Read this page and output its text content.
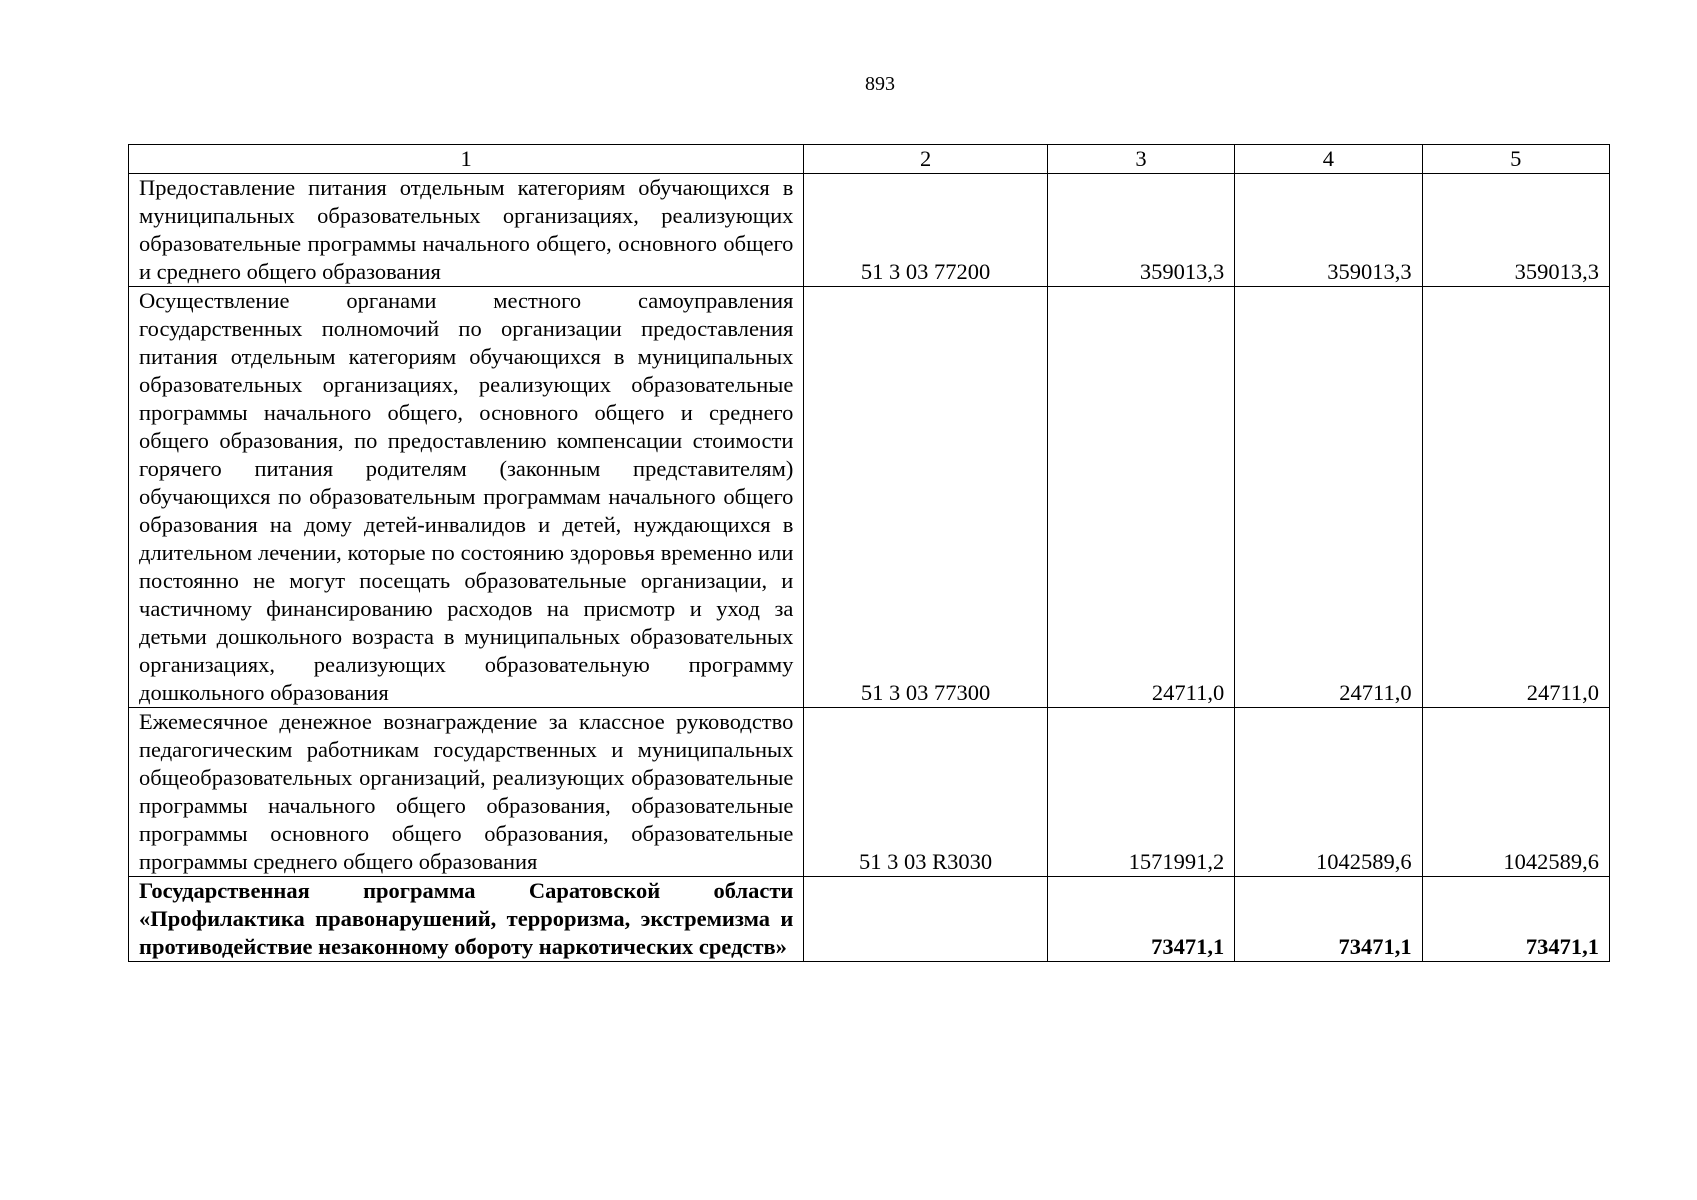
893
1	2	3	4	5
Предоставление питания отдельным категориям обучающихся в муниципальных образовательных организациях, реализующих образовательные программы начального общего, основного общего и среднего общего образования	51 3 03 77200	359013,3	359013,3	359013,3
Осуществление органами местного самоуправления государственных полномочий по организации предоставления питания отдельным категориям обучающихся в муниципальных образовательных организациях, реализующих образовательные программы начального общего, основного общего и среднего общего образования, по предоставлению компенсации стоимости горячего питания родителям (законным представителям) обучающихся по образовательным программам начального общего образования на дому детей-инвалидов и детей, нуждающихся в длительном лечении, которые по состоянию здоровья временно или постоянно не могут посещать образовательные организации, и частичному финансированию расходов на присмотр и уход за детьми дошкольного возраста в муниципальных образовательных организациях, реализующих образовательную программу дошкольного образования	51 3 03 77300	24711,0	24711,0	24711,0
Ежемесячное денежное вознаграждение за классное руководство педагогическим работникам государственных и муниципальных общеобразовательных организаций, реализующих образовательные программы начального общего образования, образовательные программы основного общего образования, образовательные программы среднего общего образования	51 3 03 R3030	1571991,2	1042589,6	1042589,6
Государственная программа Саратовской области «Профилактика правонарушений, терроризма, экстремизма и противодействие незаконному обороту наркотических средств»		73471,1	73471,1	73471,1
